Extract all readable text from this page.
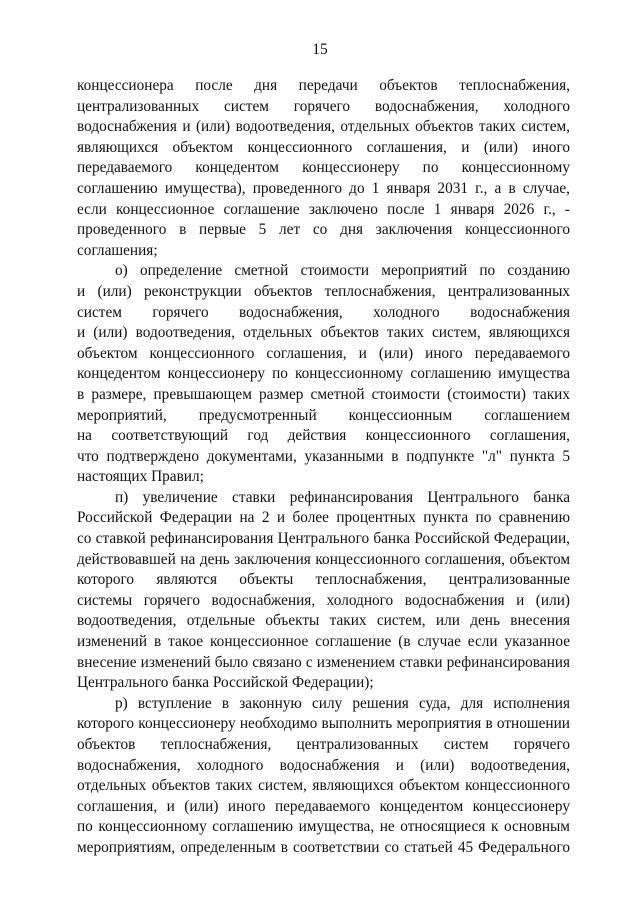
15
концессионера после дня передачи объектов теплоснабжения,
централизованных систем горячего водоснабжения, холодного
водоснабжения и (или) водоотведения, отдельных объектов таких систем,
являющихся объектом концессионного соглашения, и (или) иного
передаваемого концедентом концессионеру по концессионному
соглашению имущества), проведенного до 1 января 2031 г., а в случае,
если концессионное соглашение заключено после 1 января 2026 г., -
проведенного в первые 5 лет со дня заключения концессионного
соглашения;
о) определение сметной стоимости мероприятий по созданию
и (или) реконструкции объектов теплоснабжения, централизованных
систем горячего водоснабжения, холодного водоснабжения
и (или) водоотведения, отдельных объектов таких систем, являющихся
объектом концессионного соглашения, и (или) иного передаваемого
концедентом концессионеру по концессионному соглашению имущества
в размере, превышающем размер сметной стоимости (стоимости) таких
мероприятий, предусмотренный концессионным соглашением
на соответствующий год действия концессионного соглашения,
что подтверждено документами, указанными в подпункте "л" пункта 5
настоящих Правил;
п) увеличение ставки рефинансирования Центрального банка
Российской Федерации на 2 и более процентных пункта по сравнению
со ставкой рефинансирования Центрального банка Российской Федерации,
действовавшей на день заключения концессионного соглашения, объектом
которого являются объекты теплоснабжения, централизованные
системы горячего водоснабжения, холодного водоснабжения и (или)
водоотведения, отдельные объекты таких систем, или день внесения
изменений в такое концессионное соглашение (в случае если указанное
внесение изменений было связано с изменением ставки рефинансирования
Центрального банка Российской Федерации);
р) вступление в законную силу решения суда, для исполнения
которого концессионеру необходимо выполнить мероприятия в отношении
объектов теплоснабжения, централизованных систем горячего
водоснабжения, холодного водоснабжения и (или) водоотведения,
отдельных объектов таких систем, являющихся объектом концессионного
соглашения, и (или) иного передаваемого концедентом концессионеру
по концессионному соглашению имущества, не относящиеся к основным
мероприятиям, определенным в соответствии со статьей 45 Федерального
